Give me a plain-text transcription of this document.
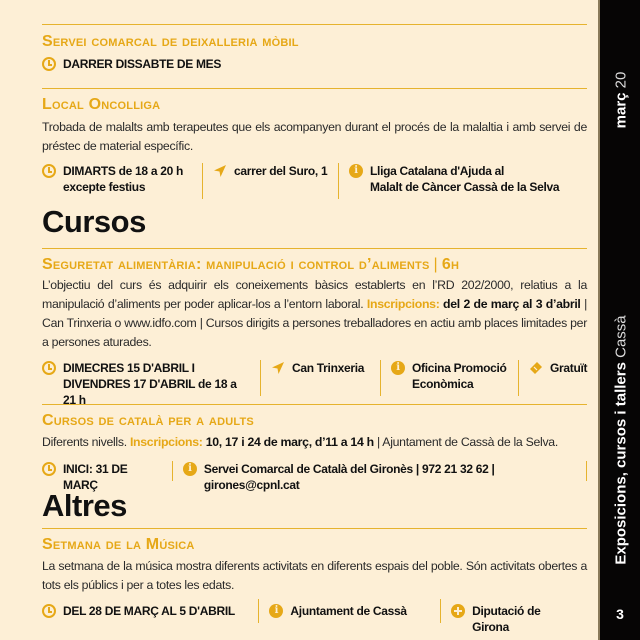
Servei comarcal de deixalleria mòbil
DARRER DISSABTE DE MES
Local Oncolliga
Trobada de malalts amb terapeutes que els acompanyen durant el procés de la malaltia i amb servei de préstec de material específic.
DIMARTS de 18 a 20 h
excepte festius
carrer del Suro, 1	i	Lliga Catalana d'Ajuda al
Malalt de Càncer Cassà de la Selva
Cursos
Seguretat alimentària: manipulació i control d’aliments | 6h
L’objectiu del curs és adquirir els coneixements bàsics establerts en l’RD 202/2000, relatius a la manipulació d’aliments per poder aplicar-los a l’entorn laboral. Inscripcions: del 2 de març al 3 d’abril | Can Trinxeria o www.idfo.com | Cursos dirigits a persones treballadores en actiu amb places limitades per a persones aturades.
DIMECRES 15 D'ABRIL I
DIVENDRES 17 D'ABRIL de 18 a 21 h
Can Trinxeria	i	Oficina Promoció
Econòmica
Gratuït
Cursos de català per a adults
Diferents nivells. Inscripcions: 10, 17 i 24 de març, d’11 a 14 h | Ajuntament de Cassà de la Selva.
INICI: 31 DE MARÇ
i	Servei Comarcal de Català del Gironès | 972 21 32 62 | girones@cpnl.cat
Altres
Setmana de la Música
La setmana de la música mostra diferents activitats en diferents espais del poble. Són activitats obertes a tots els públics i per a totes les edats.
DEL 28 DE MARÇ AL 5 D'ABRIL	i	Ajuntament de Cassà	Diputació de Girona
març 20
Exposicions, cursos i tallers Cassà
3
